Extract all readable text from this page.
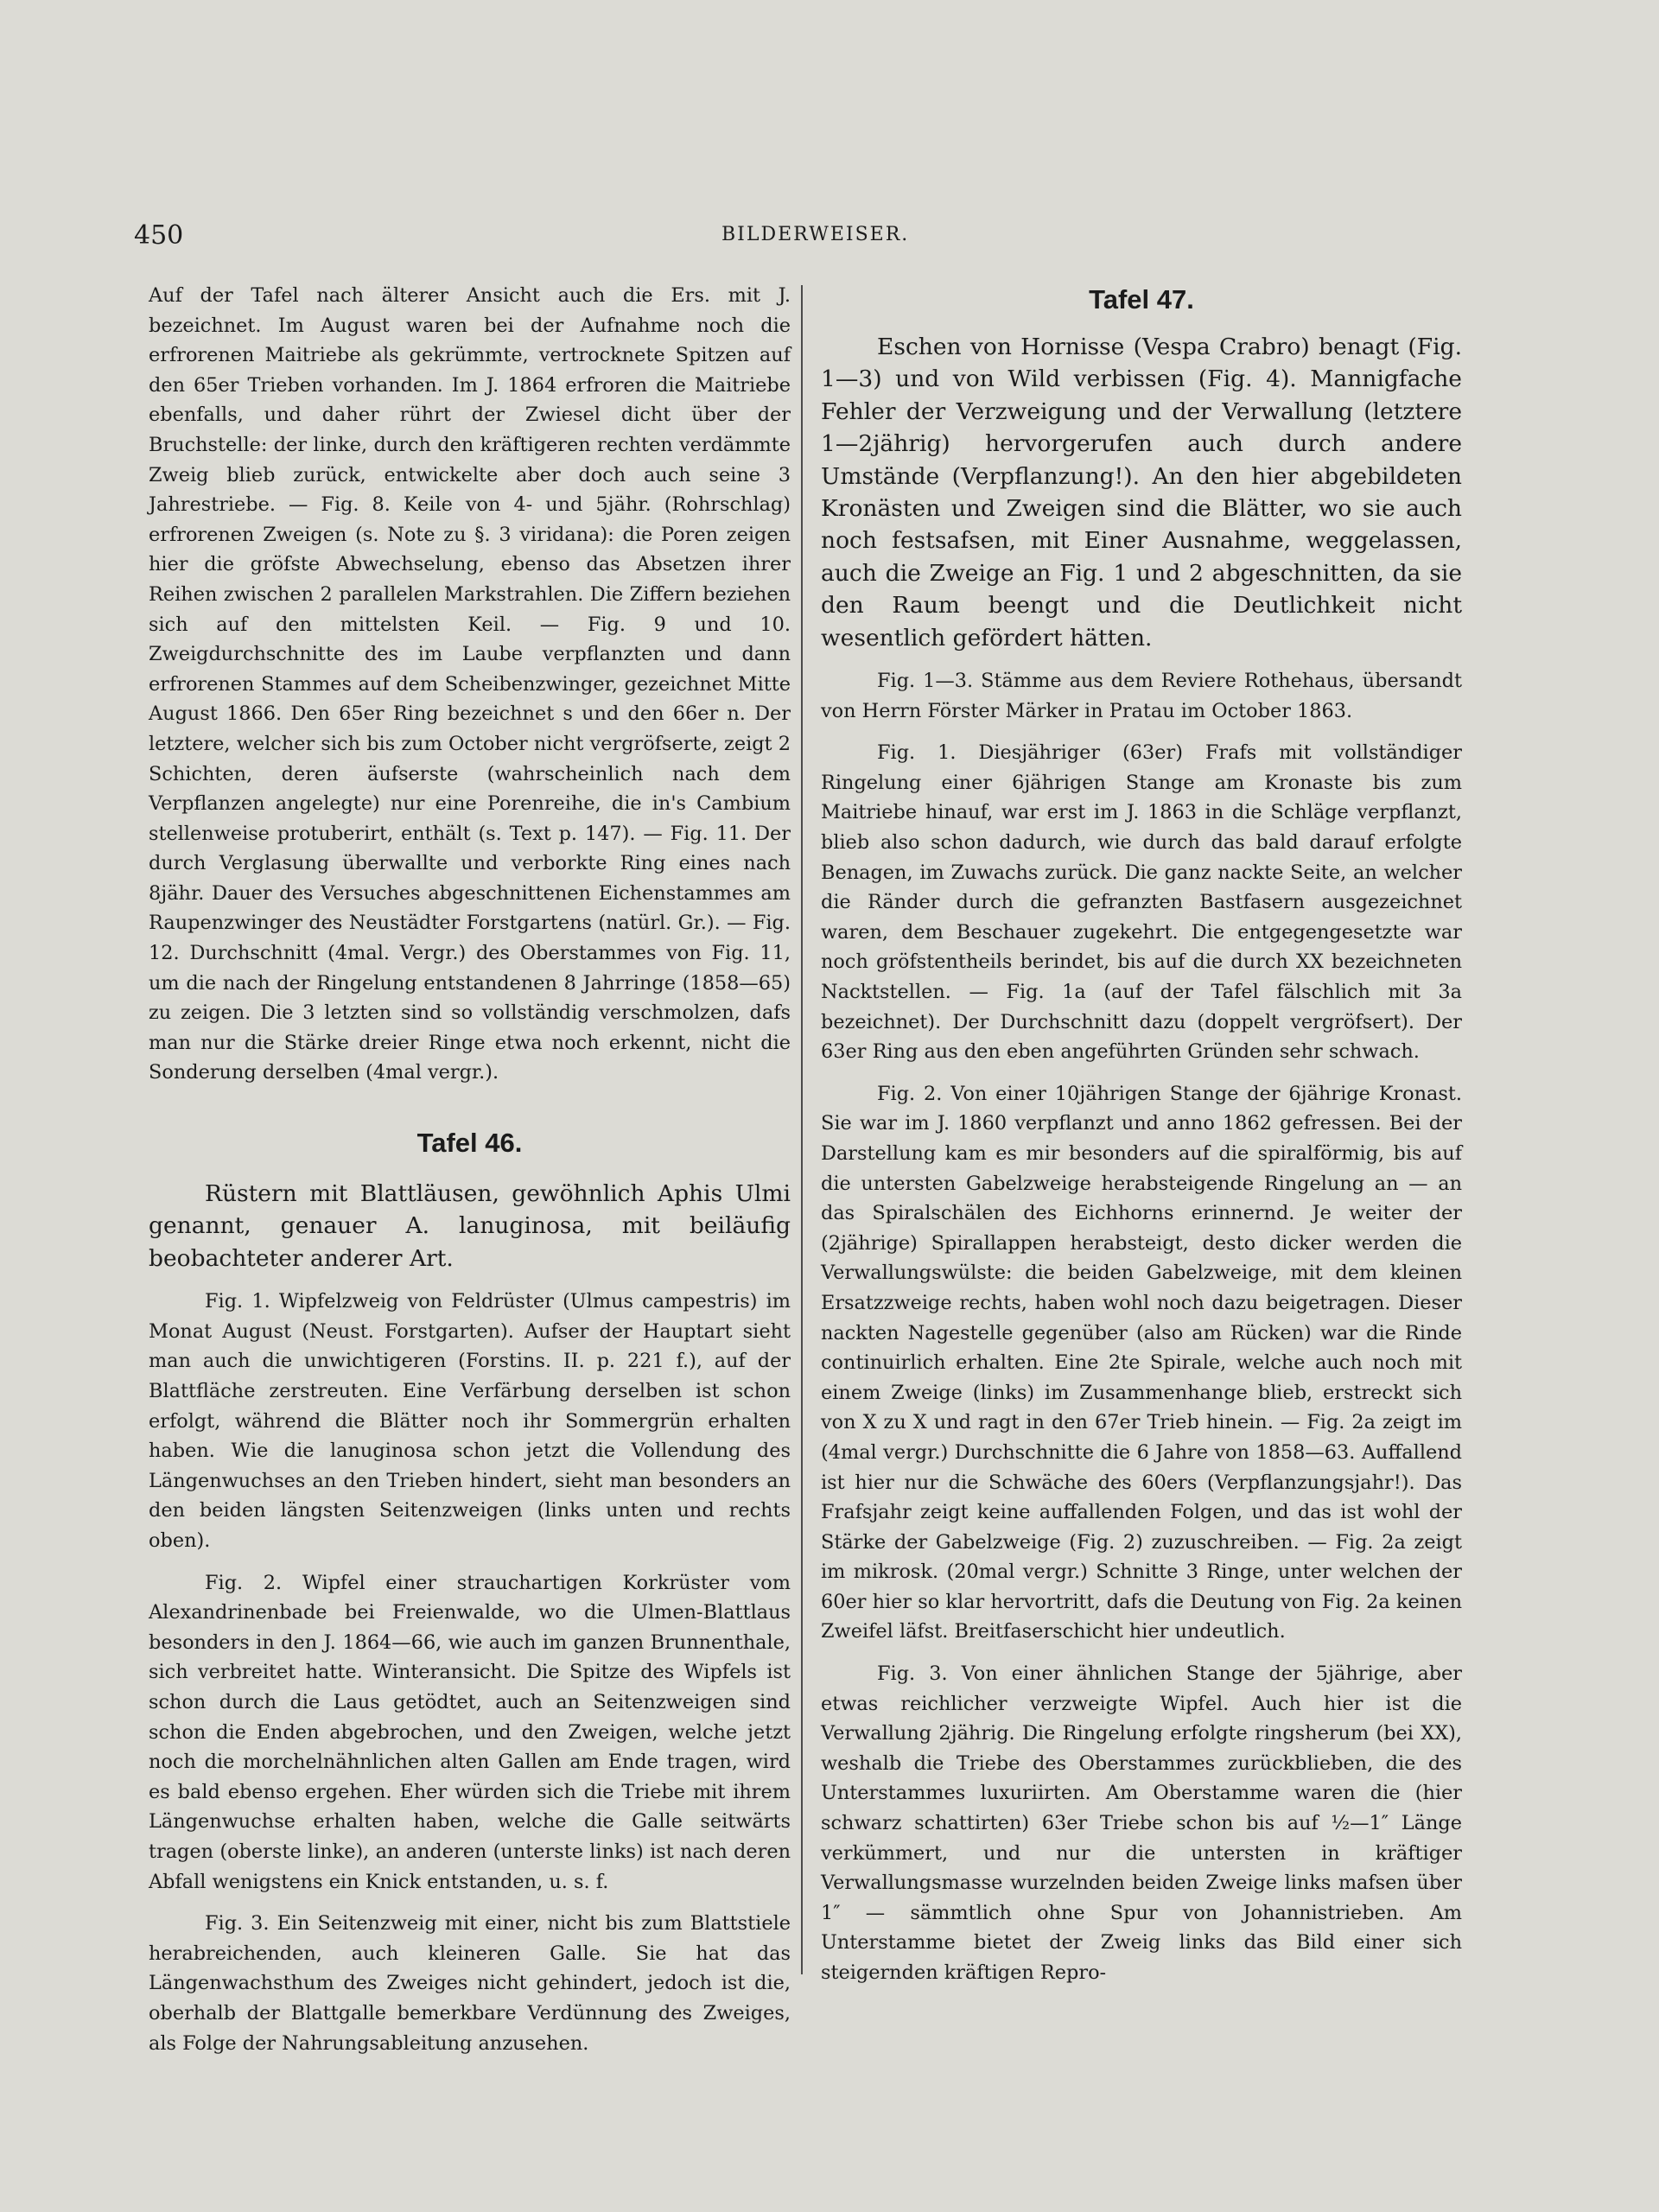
450	BILDERWEISER.

Auf der Tafel nach älterer Ansicht auch die Ers. mit J. bezeichnet. Im August waren bei der Aufnahme noch die erfrorenen Maitriebe als gekrümmte, vertrocknete Spitzen auf den 65er Trieben vorhanden. Im J. 1864 erfroren die Maitriebe ebenfalls, und daher rührt der Zwiesel dicht über der Bruchstelle: der linke, durch den kräftigeren rechten verdämmte Zweig blieb zurück, entwickelte aber doch auch seine 3 Jahrestriebe. — Fig. 8. Keile von 4- und 5jähr. (Rohrschlag) erfrorenen Zweigen (s. Note zu §. 3 viridana): die Poren zeigen hier die gröfste Abwechselung, ebenso das Absetzen ihrer Reihen zwischen 2 parallelen Markstrahlen. Die Ziffern beziehen sich auf den mittelsten Keil. — Fig. 9 und 10. Zweigdurchschnitte des im Laube verpflanzten und dann erfrorenen Stammes auf dem Scheibenzwinger, gezeichnet Mitte August 1866. Den 65er Ring bezeichnet s und den 66er n. Der letztere, welcher sich bis zum October nicht vergröfserte, zeigt 2 Schichten, deren äufserste (wahrscheinlich nach dem Verpflanzen angelegte) nur eine Porenreihe, die in's Cambium stellenweise protuberirt, enthält (s. Text p. 147). — Fig. 11. Der durch Verglasung überwallte und verborkte Ring eines nach 8jähr. Dauer des Versuches abgeschnittenen Eichenstammes am Raupenzwinger des Neustädter Forstgartens (natürl. Gr.). — Fig. 12. Durchschnitt (4mal. Vergr.) des Oberstammes von Fig. 11, um die nach der Ringelung entstandenen 8 Jahrringe (1858—65) zu zeigen. Die 3 letzten sind so vollständig verschmolzen, dafs man nur die Stärke dreier Ringe etwa noch erkennt, nicht die Sonderung derselben (4mal vergr.).

Tafel 46.

Rüstern mit Blattläusen, gewöhnlich Aphis Ulmi genannt, genauer A. lanuginosa, mit beiläufig beobachteter anderer Art.

Fig. 1. Wipfelzweig von Feldrüster (Ulmus campestris) im Monat August (Neust. Forstgarten). Aufser der Hauptart sieht man auch die unwichtigeren (Forstins. II. p. 221 f.), auf der Blattfläche zerstreuten. Eine Verfärbung derselben ist schon erfolgt, während die Blätter noch ihr Sommergrün erhalten haben. Wie die lanuginosa schon jetzt die Vollendung des Längenwuchses an den Trieben hindert, sieht man besonders an den beiden längsten Seitenzweigen (links unten und rechts oben).

Fig. 2. Wipfel einer strauchartigen Korkrüster vom Alexandrinenbade bei Freienwalde, wo die Ulmen-Blattlaus besonders in den J. 1864—66, wie auch im ganzen Brunnenthale, sich verbreitet hatte. Winteransicht. Die Spitze des Wipfels ist schon durch die Laus getödtet, auch an Seitenzweigen sind schon die Enden abgebrochen, und den Zweigen, welche jetzt noch die morchelnähnlichen alten Gallen am Ende tragen, wird es bald ebenso ergehen. Eher würden sich die Triebe mit ihrem Längenwuchse erhalten haben, welche die Galle seitwärts tragen (oberste linke), an anderen (unterste links) ist nach deren Abfall wenigstens ein Knick entstanden, u. s. f.

Fig. 3. Ein Seitenzweig mit einer, nicht bis zum Blattstiele herabreichenden, auch kleineren Galle. Sie hat das Längenwachsthum des Zweiges nicht gehindert, jedoch ist die, oberhalb der Blattgalle bemerkbare Verdünnung des Zweiges, als Folge der Nahrungsableitung anzusehen.

Tafel 47.

Eschen von Hornisse (Vespa Crabro) benagt (Fig. 1—3) und von Wild verbissen (Fig. 4). Mannigfache Fehler der Verzweigung und der Verwallung (letztere 1—2jährig) hervorgerufen auch durch andere Umstände (Verpflanzung!). An den hier abgebildeten Kronästen und Zweigen sind die Blätter, wo sie auch noch festsafsen, mit Einer Ausnahme, weggelassen, auch die Zweige an Fig. 1 und 2 abgeschnitten, da sie den Raum beengt und die Deutlichkeit nicht wesentlich gefördert hätten.

Fig. 1—3. Stämme aus dem Reviere Rothehaus, übersandt von Herrn Förster Märker in Pratau im October 1863.

Fig. 1. Diesjähriger (63er) Frafs mit vollständiger Ringelung einer 6jährigen Stange am Kronaste bis zum Maitriebe hinauf, war erst im J. 1863 in die Schläge verpflanzt, blieb also schon dadurch, wie durch das bald darauf erfolgte Benagen, im Zuwachs zurück. Die ganz nackte Seite, an welcher die Ränder durch die gefranzten Bastfasern ausgezeichnet waren, dem Beschauer zugekehrt. Die entgegengesetzte war noch gröfstentheils berindet, bis auf die durch XX bezeichneten Nacktstellen. — Fig. 1a (auf der Tafel fälschlich mit 3a bezeichnet). Der Durchschnitt dazu (doppelt vergröfsert). Der 63er Ring aus den eben angeführten Gründen sehr schwach.

Fig. 2. Von einer 10jährigen Stange der 6jährige Kronast. Sie war im J. 1860 verpflanzt und anno 1862 gefressen. Bei der Darstellung kam es mir besonders auf die spiralförmig, bis auf die untersten Gabelzweige herabsteigende Ringelung an — an das Spiralschälen des Eichhorns erinnernd. Je weiter der (2jährige) Spirallappen herabsteigt, desto dicker werden die Verwallungswülste: die beiden Gabelzweige, mit dem kleinen Ersatzzweige rechts, haben wohl noch dazu beigetragen. Dieser nackten Nagestelle gegenüber (also am Rücken) war die Rinde continuirlich erhalten. Eine 2te Spirale, welche auch noch mit einem Zweige (links) im Zusammenhange blieb, erstreckt sich von X zu X und ragt in den 67er Trieb hinein. — Fig. 2a zeigt im (4mal vergr.) Durchschnitte die 6 Jahre von 1858—63. Auffallend ist hier nur die Schwäche des 60ers (Verpflanzungsjahr!). Das Frafsjahr zeigt keine auffallenden Folgen, und das ist wohl der Stärke der Gabelzweige (Fig. 2) zuzuschreiben. — Fig. 2a zeigt im mikrosk. (20mal vergr.) Schnitte 3 Ringe, unter welchen der 60er hier so klar hervortritt, dafs die Deutung von Fig. 2a keinen Zweifel läfst. Breitfaserschicht hier undeutlich.

Fig. 3. Von einer ähnlichen Stange der 5jährige, aber etwas reichlicher verzweigte Wipfel. Auch hier ist die Verwallung 2jährig. Die Ringelung erfolgte ringsherum (bei XX), weshalb die Triebe des Oberstammes zurückblieben, die des Unterstammes luxuriirten. Am Oberstamme waren die (hier schwarz schattirten) 63er Triebe schon bis auf ½—1″ Länge verkümmert, und nur die untersten in kräftiger Verwallungsmasse wurzelnden beiden Zweige links mafsen über 1″ — sämmtlich ohne Spur von Johannistrieben. Am Unterstamme bietet der Zweig links das Bild einer sich steigernden kräftigen Repro-
